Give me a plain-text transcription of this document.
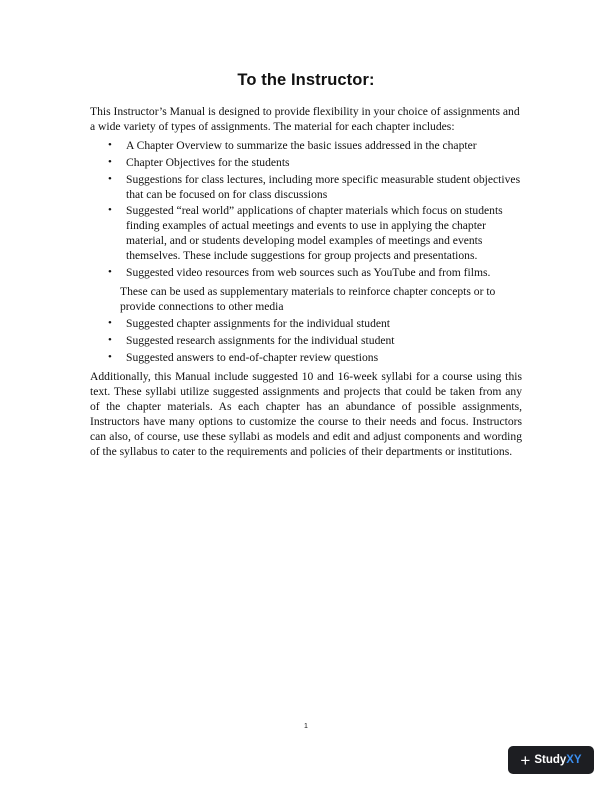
To the Instructor:

This Instructor’s Manual is designed to provide flexibility in your choice of assignments and a wide variety of types of assignments. The material for each chapter includes:

• A Chapter Overview to summarize the basic issues addressed in the chapter
• Chapter Objectives for the students
• Suggestions for class lectures, including more specific measurable student objectives that can be focused on for class discussions
• Suggested “real world” applications of chapter materials which focus on students finding examples of actual meetings and events to use in applying the chapter material, and or students developing model examples of meetings and events themselves. These include suggestions for group projects and presentations.
• Suggested video resources from web sources such as YouTube and from films.

These can be used as supplementary materials to reinforce chapter concepts or to provide connections to other media

• Suggested chapter assignments for the individual student
• Suggested research assignments for the individual student
• Suggested answers to end-of-chapter review questions

Additionally, this Manual include suggested 10 and 16-week syllabi for a course using this text. These syllabi utilize suggested assignments and projects that could be taken from any of the chapter materials. As each chapter has an abundance of possible assignments, Instructors have many options to customize the course to their needs and focus. Instructors can also, of course, use these syllabi as models and edit and adjust components and wording of the syllabus to cater to the requirements and policies of their departments or institutions.

1
+ Study XY
